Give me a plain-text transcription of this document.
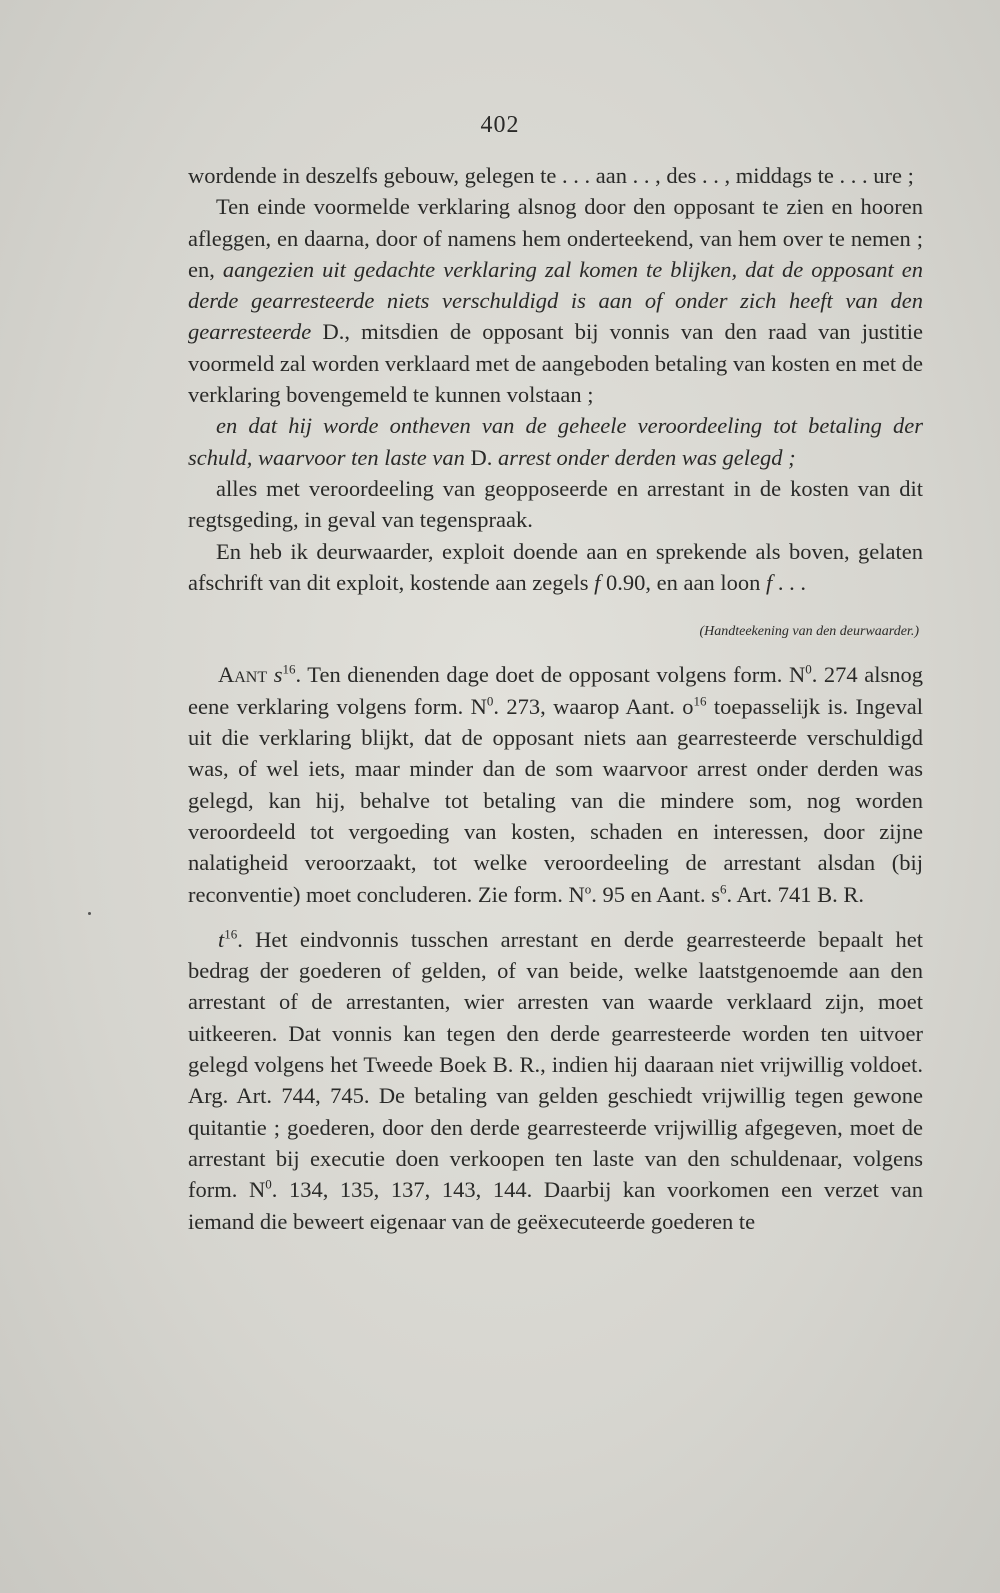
402

wordende in deszelfs gebouw, gelegen te . . . aan . . , des . . , middags te . . . ure ;

Ten einde voormelde verklaring alsnog door den opposant te zien en hooren afleggen, en daarna, door of namens hem onderteekend, van hem over te nemen ; en, aangezien uit gedachte verklaring zal komen te blijken, dat de opposant en derde gearresteerde niets verschuldigd is aan of onder zich heeft van den gearresteerde D., mitsdien de opposant bij vonnis van den raad van justitie voormeld zal worden verklaard met de aangeboden betaling van kosten en met de verklaring bovengemeld te kunnen volstaan ;

en dat hij worde ontheven van de geheele veroordeeling tot betaling der schuld, waarvoor ten laste van D. arrest onder derden was gelegd ;

alles met veroordeeling van geopposeerde en arrestant in de kosten van dit regtsgeding, in geval van tegenspraak.

En heb ik deurwaarder, exploit doende aan en sprekende als boven, gelaten afschrift van dit exploit, kostende aan zegels f 0.90, en aan loon f . . .

(Handteekening van den deurwaarder.)

Aant $s^{16}$. Ten dienenden dage doet de opposant volgens form. $N^0$. 274 alsnog eene verklaring volgens form. $N^0$. 273, waarop Aant. $o^{16}$ toepasselijk is. Ingeval uit die verklaring blijkt, dat de opposant niets aan gearresteerde verschuldigd was, of wel iets, maar minder dan de som waarvoor arrest onder derden was gelegd, kan hij, behalve tot betaling van die mindere som, nog worden veroordeeld tot vergoeding van kosten, schaden en interessen, door zijne nalatigheid veroorzaakt, tot welke veroordeeling de arrestant alsdan (bij reconventie) moet concluderen. Zie form. $N^o$. 95 en Aant. $s^6$. Art. 741 B. R.

$t^{16}$. Het eindvonnis tusschen arrestant en derde gearresteerde bepaalt het bedrag der goederen of gelden, of van beide, welke laatstgenoemde aan den arrestant of de arrestanten, wier arresten van waarde verklaard zijn, moet uitkeeren. Dat vonnis kan tegen den derde gearresteerde worden ten uitvoer gelegd volgens het Tweede Boek B. R., indien hij daaraan niet vrijwillig voldoet. Arg. Art. 744, 745. De betaling van gelden geschiedt vrijwillig tegen gewone quitantie ; goederen, door den derde gearresteerde vrijwillig afgegeven, moet de arrestant bij executie doen verkoopen ten laste van den schuldenaar, volgens form. $N^0$. 134, 135, 137, 143, 144. Daarbij kan voorkomen een verzet van iemand die beweert eigenaar van de geëxecuteerde goederen te
